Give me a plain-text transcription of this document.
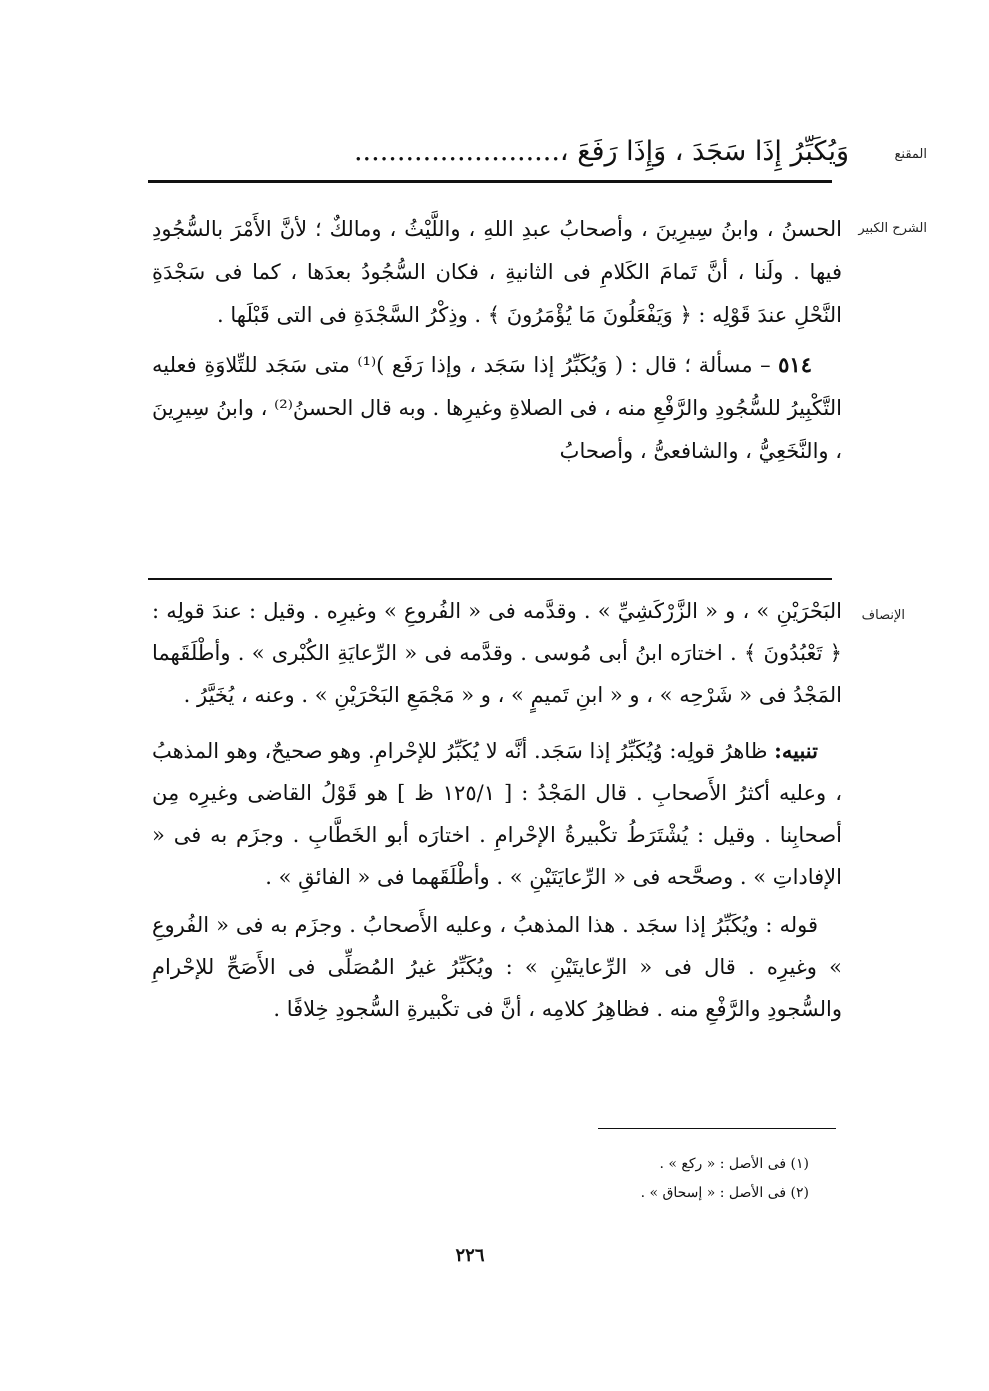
المقنع
وَيُكَبِّرُ إِذَا سَجَدَ ، وَإِذَا رَفَعَ ،........................
الشرح الكبير

الحسنُ ، وابنُ سِيرِينَ ، وأصحابُ عبدِ اللهِ ، واللَّيْثُ ، ومالكٌ ؛ لأنَّ الأَمْرَ بالسُّجُودِ فيها . ولَنا ، أنَّ تَمامَ الكَلامِ فى الثانيةِ ، فكان السُّجُودُ بعدَها ، كما فى سَجْدَةِ النَّحْلِ عندَ قَوْلِه : ﴿ وَيَفْعَلُونَ مَا يُؤْمَرُونَ ﴾ . وذِكْرُ السَّجْدَةِ فى التى قَبْلَها .

٥١٤ – مسألة ؛ قال : ( وَيُكَبِّرُ إذا سَجَد ، وإذا رَفَع )⁽¹⁾ متى سَجَد للتِّلاوَةِ فعليه التَّكْبِيرُ للسُّجُودِ والرَّفْعِ منه ، فى الصلاةِ وغيرِها . وبه قال الحسنُ⁽²⁾ ، وابنُ سِيرِينَ ، والنَّخَعِيُّ ، والشافعىُّ ، وأصحابُ

الإنصاف

البَحْرَيْنِ » ، و « الزَّرْكَشِيِّ » . وقدَّمه فى « الفُروعِ » وغيرِه . وقيل : عندَ قولِه : ﴿ تَعْبُدُونَ ﴾ . اختارَه ابنُ أبى مُوسى . وقدَّمه فى « الرِّعايَةِ الكُبْرى » . وأطْلَقَهما المَجْدُ فى « شَرْحِه » ، و « ابنِ تَميمٍ » ، و « مَجْمَعِ البَحْرَيْنِ » . وعنه ، يُخَيَّرُ .

تنبيه: ظاهرُ قولِه: وُيُكَبِّرُ إذا سَجَد. أنَّه لا يُكَبِّرُ للإحْرامِ. وهو صحيحٌ، وهو المذهبُ ، وعليه أكثرُ الأَصحابِ . قال المَجْدُ : [ ١٢٥/١ ظ ] هو قَوْلُ القاضى وغيرِه مِن أصحابِنا . وقيل : يُشْتَرَطُ تكْبيرةُ الإحْرامِ . اختارَه أبو الخَطَّابِ . وجزَم به فى « الإفاداتِ » . وصحَّحه فى « الرِّعايَتَيْنِ » . وأطْلَقَهما فى « الفائقِ » .

قوله : ويُكَبِّرُ إذا سجَد . هذا المذهبُ ، وعليه الأَصحابُ . وجزَم به فى « الفُروعِ » وغيرِه . قال فى « الرِّعايتَيْنِ » : ويُكَبِّرُ غيرُ المُصَلِّى فى الأَصَحِّ للإحْرامِ والسُّجودِ والرَّفْعِ منه . فظاهِرُ كلامِه ، أنَّ فى تكْبيرةِ السُّجودِ خِلافًا .

(١) فى الأصل : « ركع » .
(٢) فى الأصل : « إسحاق » .
٢٢٦
